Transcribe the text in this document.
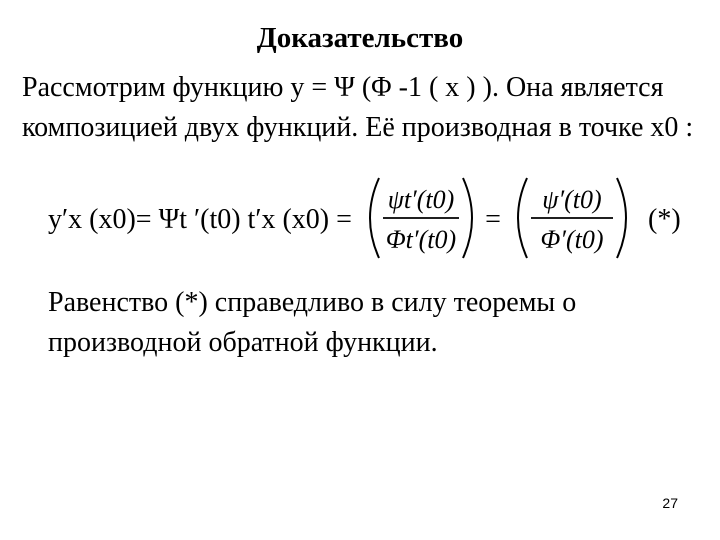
Доказательство
Рассмотрим функцию y = Ψ (Φ -1 ( x ) ). Она является композицией двух функций. Её производная в точке x0 :
y′x (x0)= Ψt ′(t0) t′x (x0) =
ψt′(t0)
Φt′(t0)
=
ψ′(t0)
Φ′(t0)
(*)
Равенство (*) справедливо в силу теоремы о производной обратной функции.
27
